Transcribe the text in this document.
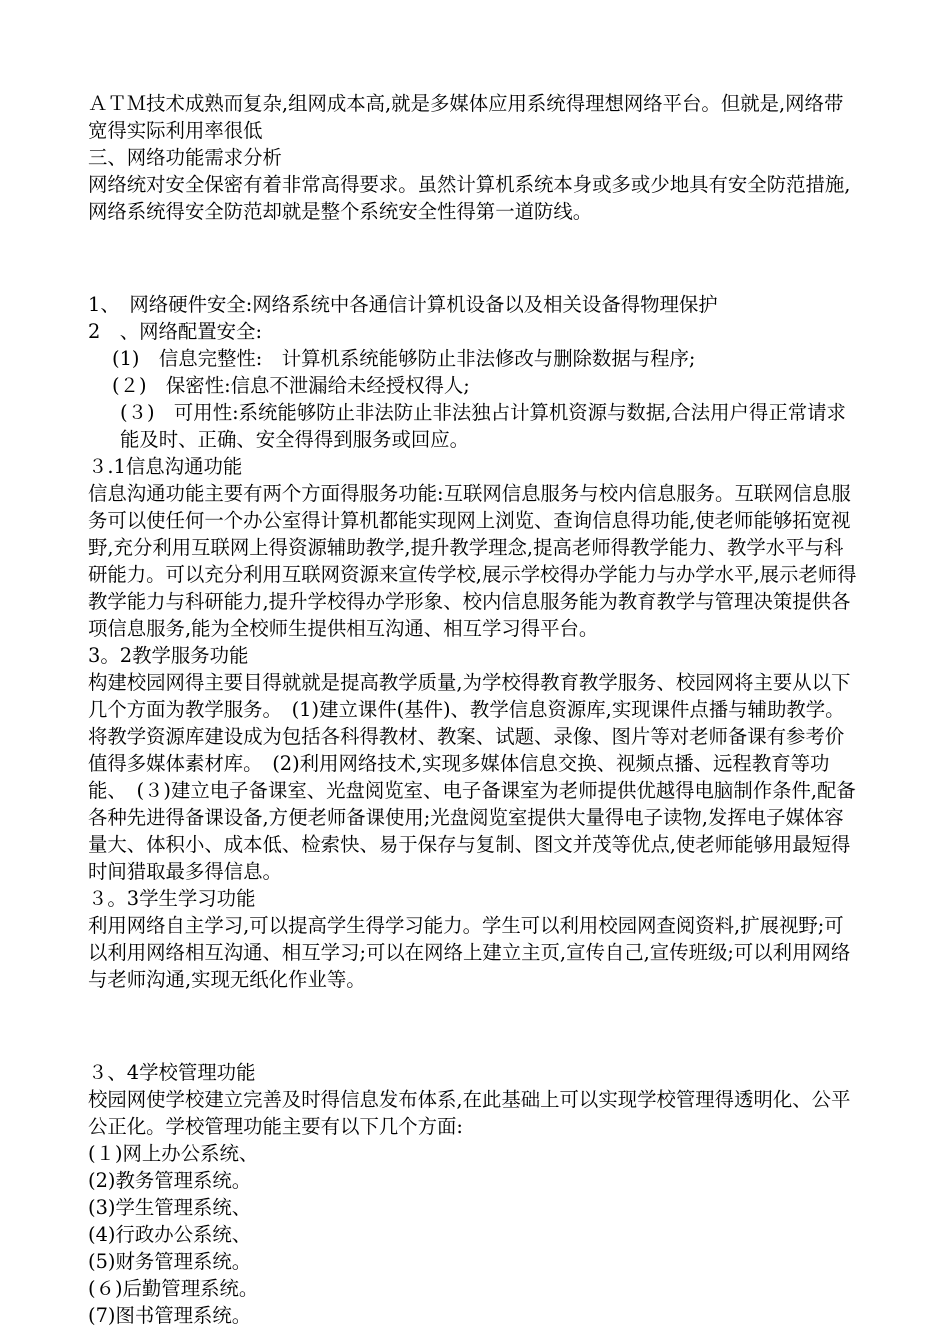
ＡＴＭ技术成熟而复杂,组网成本高,就是多媒体应用系统得理想网络平台。但就是,网络带宽得实际利用率很低

三、网络功能需求分析

网络统对安全保密有着非常高得要求。虽然计算机系统本身或多或少地具有安全防范措施,网络系统得安全防范却就是整个系统安全性得第一道防线。

1、　网络硬件安全:网络系统中各通信计算机设备以及相关设备得物理保护

2　、网络配置安全:

(1)　信息完整性:　计算机系统能够防止非法修改与删除数据与程序;

(２)　保密性:信息不泄漏给未经授权得人;

(３)　可用性:系统能够防止非法防止非法独占计算机资源与数据,合法用户得正常请求能及时、正确、安全得得到服务或回应。

３.1信息沟通功能

信息沟通功能主要有两个方面得服务功能:互联网信息服务与校内信息服务。互联网信息服务可以使任何一个办公室得计算机都能实现网上浏览、查询信息得功能,使老师能够拓宽视野,充分利用互联网上得资源辅助教学,提升教学理念,提高老师得教学能力、教学水平与科研能力。可以充分利用互联网资源来宣传学校,展示学校得办学能力与办学水平,展示老师得教学能力与科研能力,提升学校得办学形象、校内信息服务能为教育教学与管理决策提供各项信息服务,能为全校师生提供相互沟通、相互学习得平台。

3。2教学服务功能

构建校园网得主要目得就就是提高教学质量,为学校得教育教学服务、校园网将主要从以下几个方面为教学服务。　(1)建立课件(基件)、教学信息资源库,实现课件点播与辅助教学。将教学资源库建设成为包括各科得教材、教案、试题、录像、图片等对老师备课有参考价值得多媒体素材库。　(2)利用网络技术,实现多媒体信息交换、视频点播、远程教育等功能、　(３)建立电子备课室、光盘阅览室、电子备课室为老师提供优越得电脑制作条件,配备各种先进得备课设备,方便老师备课使用;光盘阅览室提供大量得电子读物,发挥电子媒体容量大、体积小、成本低、检索快、易于保存与复制、图文并茂等优点,使老师能够用最短得时间猎取最多得信息。

３。3学生学习功能

利用网络自主学习,可以提高学生得学习能力。学生可以利用校园网查阅资料,扩展视野;可以利用网络相互沟通、相互学习;可以在网络上建立主页,宣传自己,宣传班级;可以利用网络与老师沟通,实现无纸化作业等。

３、4学校管理功能

校园网使学校建立完善及时得信息发布体系,在此基础上可以实现学校管理得透明化、公平公正化。学校管理功能主要有以下几个方面:

(１)网上办公系统、

(2)教务管理系统。

(3)学生管理系统、

(4)行政办公系统、

(5)财务管理系统。

(６)后勤管理系统。

(7)图书管理系统。
